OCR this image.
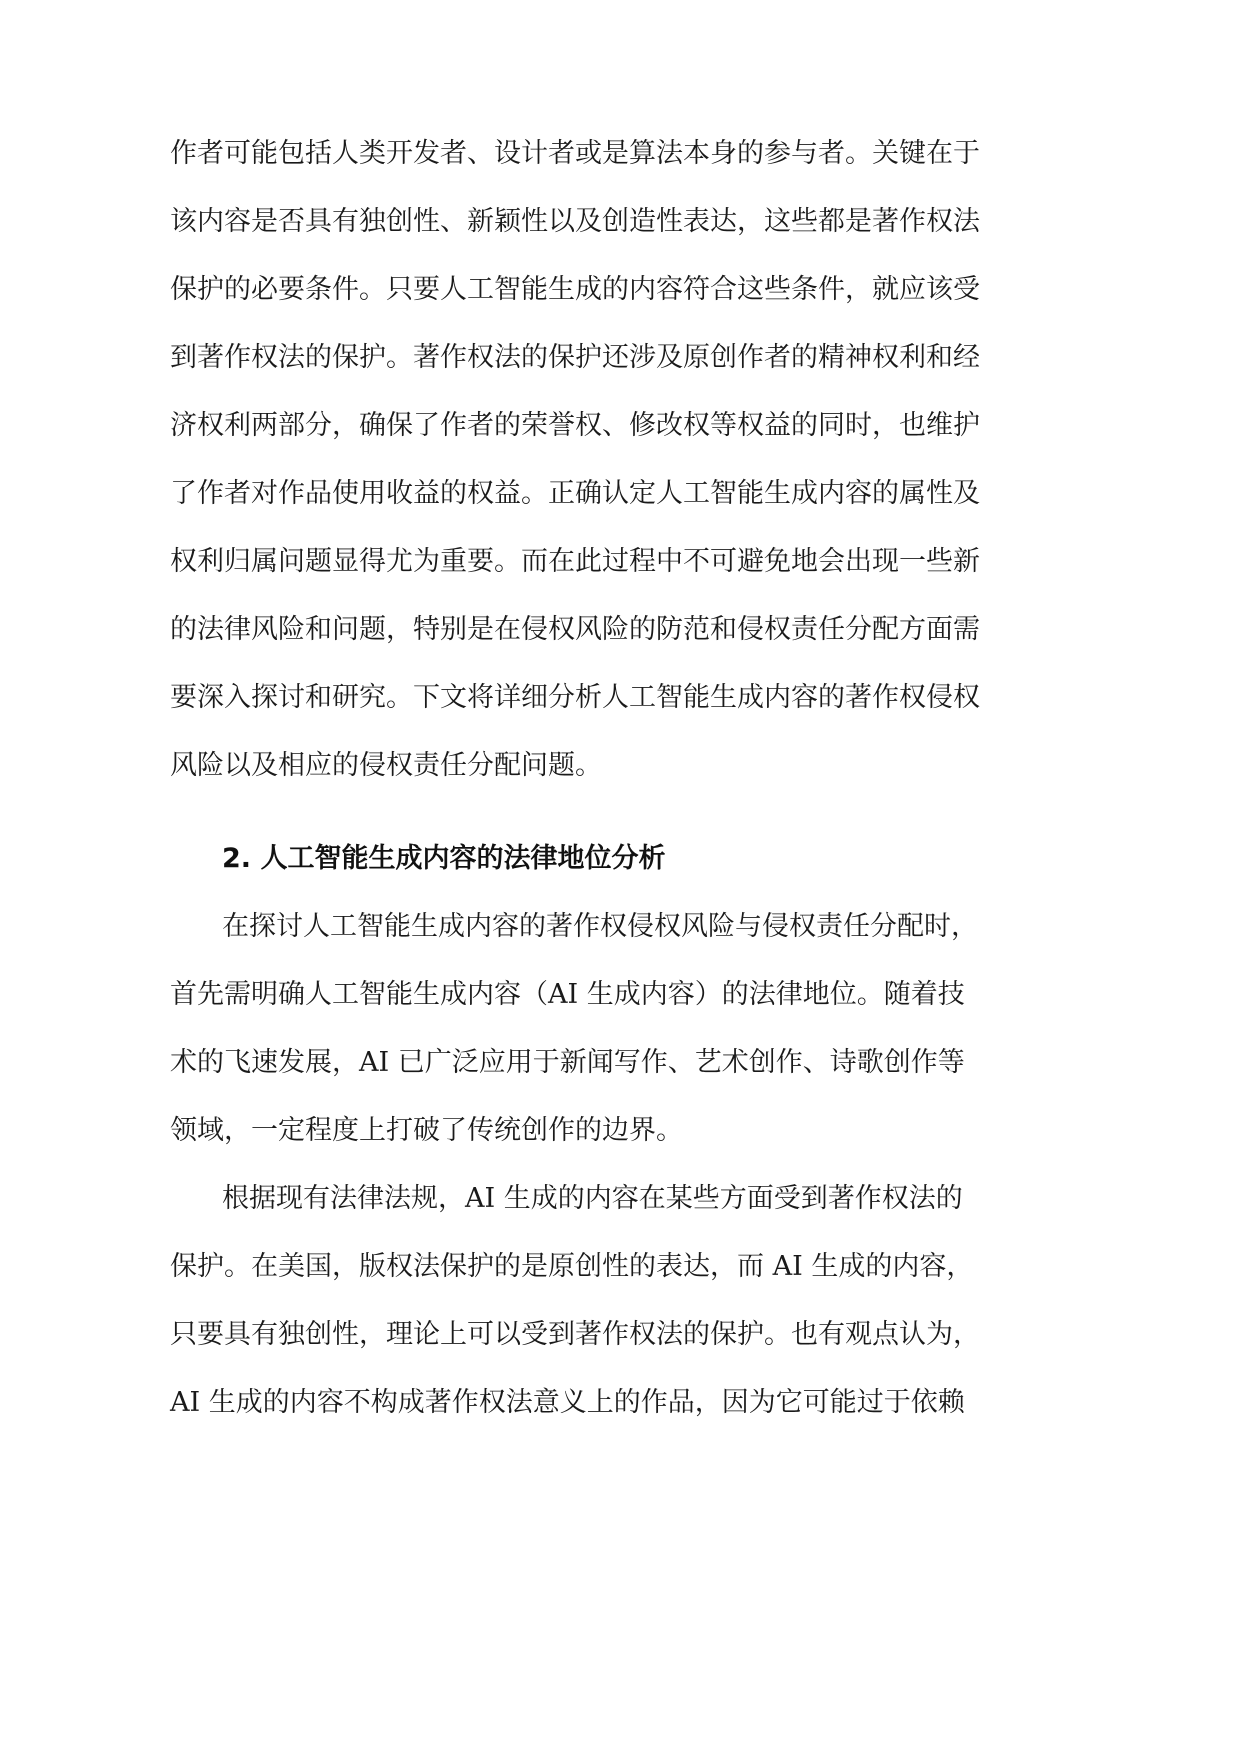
作者可能包括人类开发者、设计者或是算法本身的参与者。关键在于

该内容是否具有独创性、新颖性以及创造性表达，这些都是著作权法

保护的必要条件。只要人工智能生成的内容符合这些条件，就应该受

到著作权法的保护。著作权法的保护还涉及原创作者的精神权利和经

济权利两部分，确保了作者的荣誉权、修改权等权益的同时，也维护

了作者对作品使用收益的权益。正确认定人工智能生成内容的属性及

权利归属问题显得尤为重要。而在此过程中不可避免地会出现一些新

的法律风险和问题，特别是在侵权风险的防范和侵权责任分配方面需

要深入探讨和研究。下文将详细分析人工智能生成内容的著作权侵权

风险以及相应的侵权责任分配问题。

2. 人工智能生成内容的法律地位分析

在探讨人工智能生成内容的著作权侵权风险与侵权责任分配时，

首先需明确人工智能生成内容（AI 生成内容）的法律地位。随着技

术的飞速发展，AI 已广泛应用于新闻写作、艺术创作、诗歌创作等

领域，一定程度上打破了传统创作的边界。

根据现有法律法规，AI 生成的内容在某些方面受到著作权法的

保护。在美国，版权法保护的是原创性的表达，而 AI 生成的内容，

只要具有独创性，理论上可以受到著作权法的保护。也有观点认为，

AI 生成的内容不构成著作权法意义上的作品，因为它可能过于依赖
